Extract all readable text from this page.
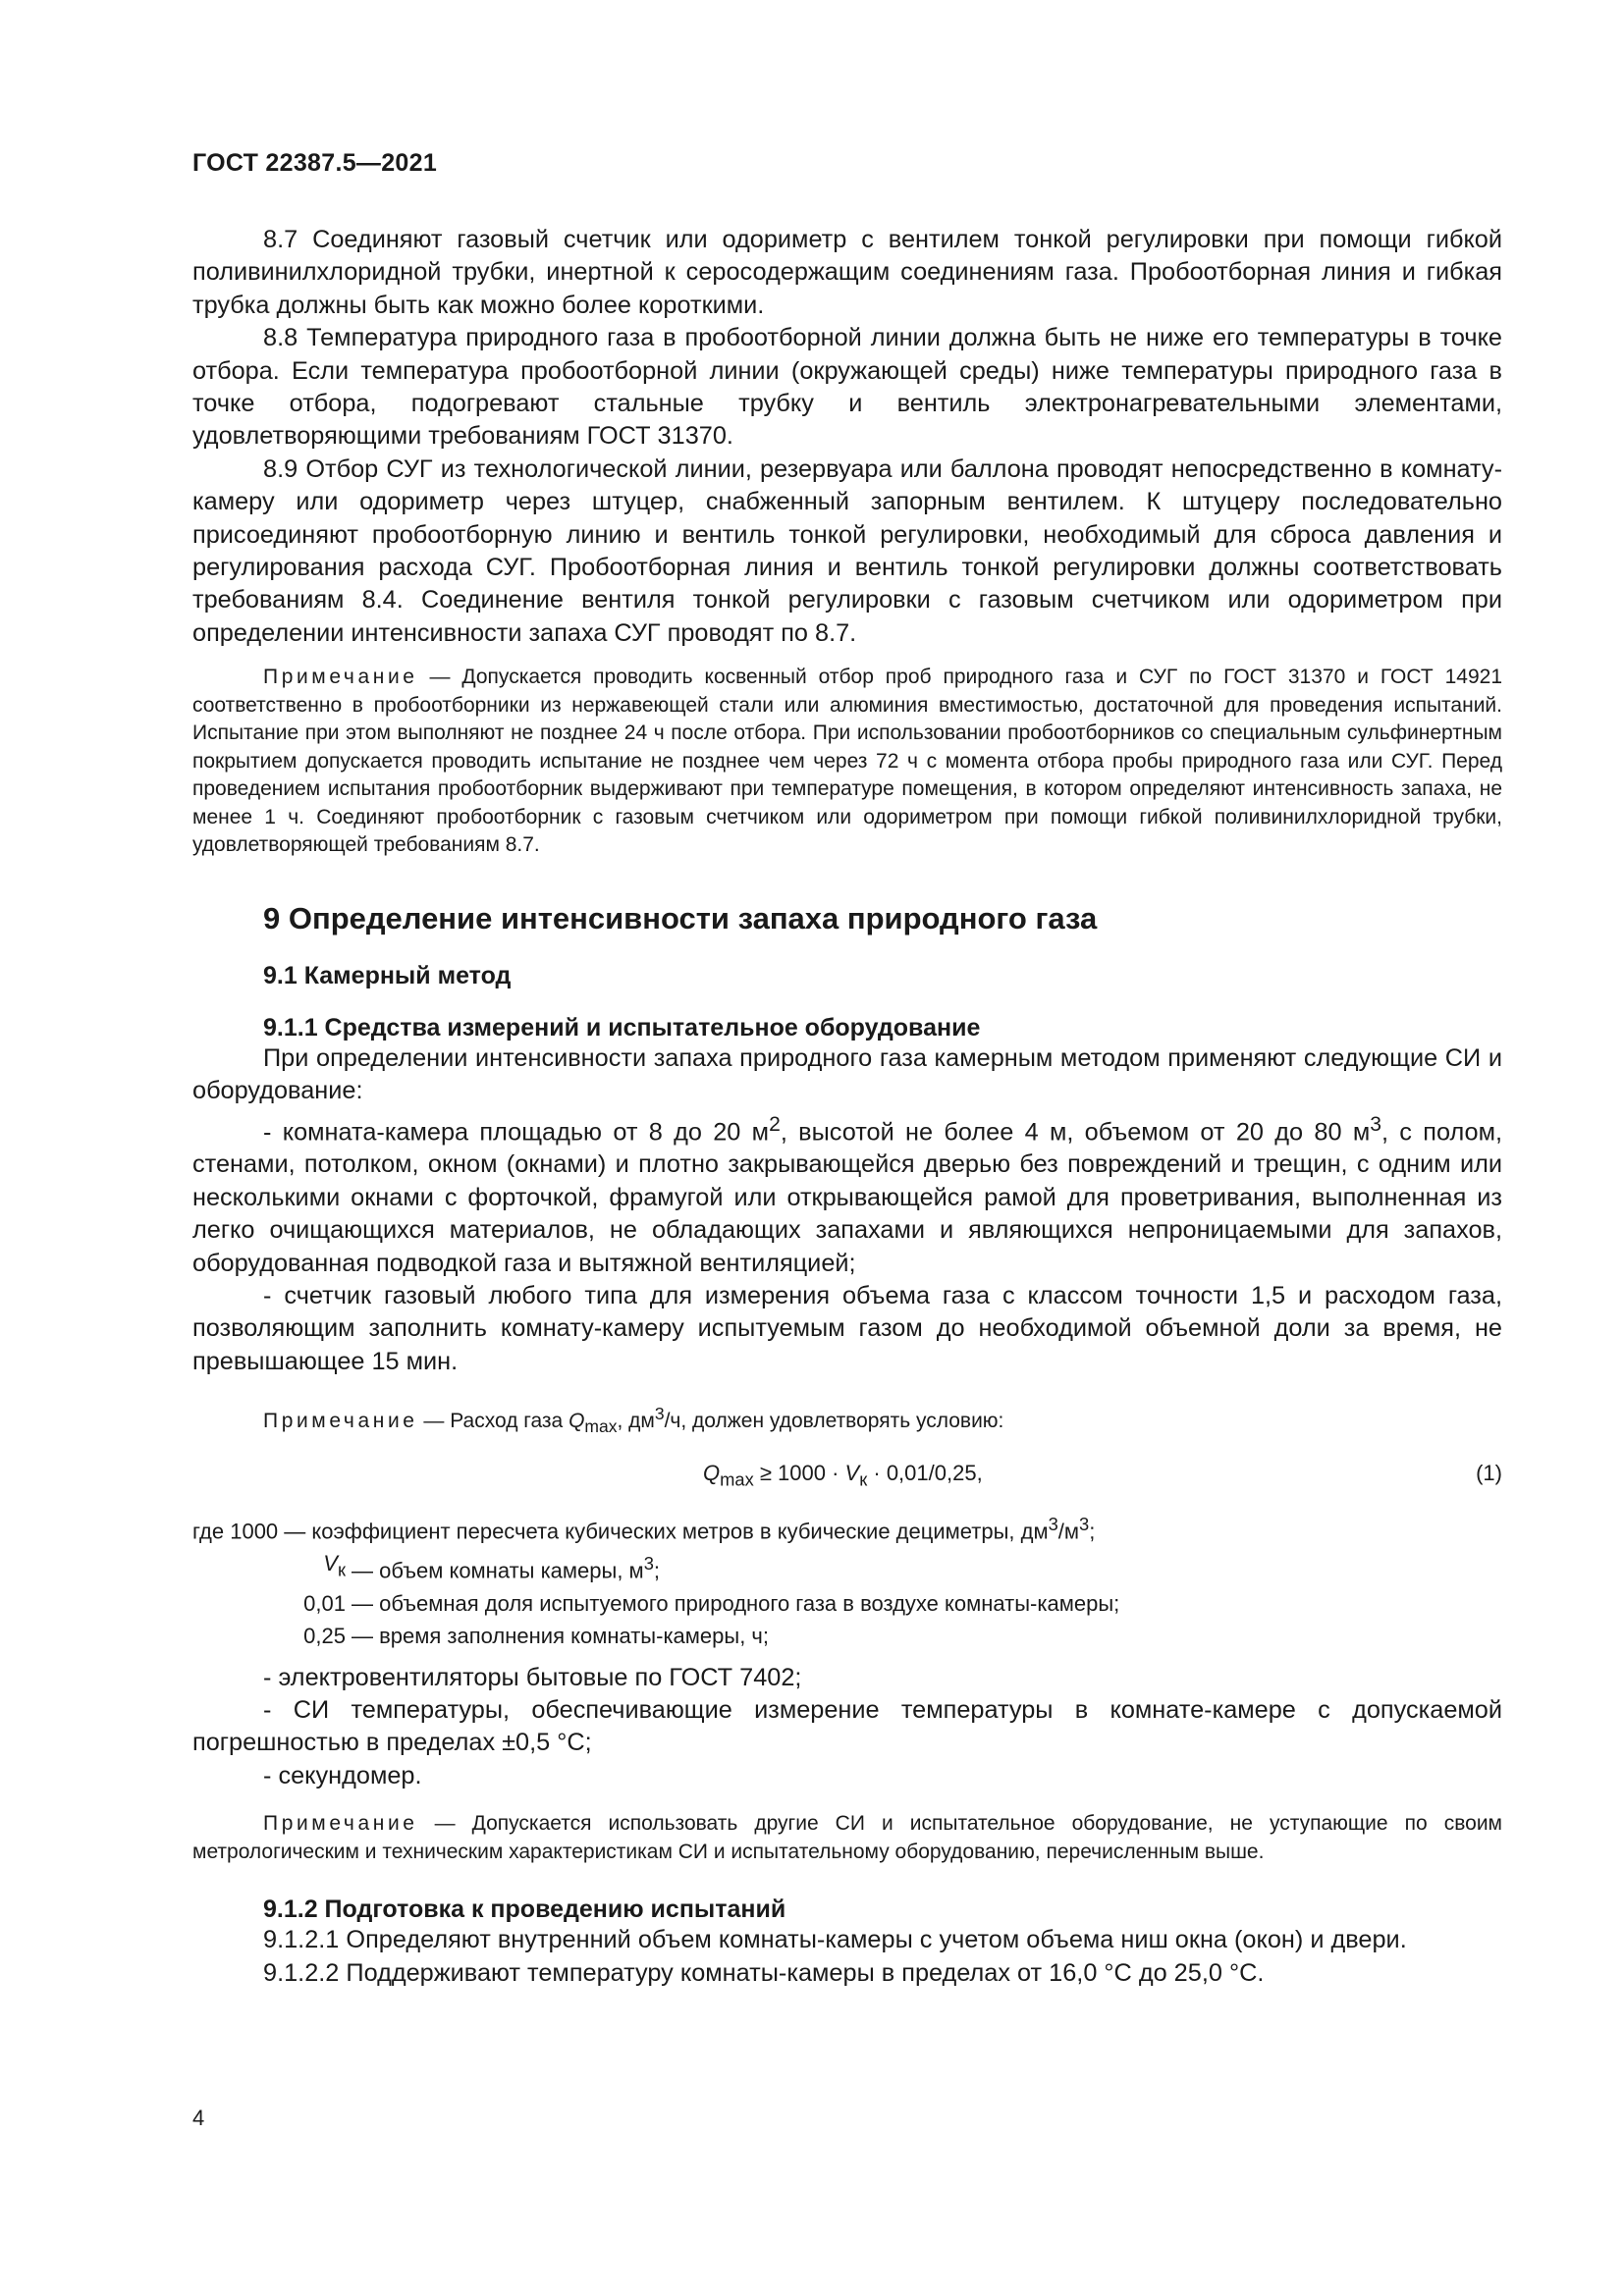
ГОСТ 22387.5—2021

8.7 Соединяют газовый счетчик или одориметр с вентилем тонкой регулировки при помощи гибкой поливинилхлоридной трубки, инертной к серосодержащим соединениям газа. Пробоотборная линия и гибкая трубка должны быть как можно более короткими.

8.8 Температура природного газа в пробоотборной линии должна быть не ниже его температуры в точке отбора. Если температура пробоотборной линии (окружающей среды) ниже температуры природного газа в точке отбора, подогревают стальные трубку и вентиль электронагревательными элементами, удовлетворяющими требованиям ГОСТ 31370.

8.9 Отбор СУГ из технологической линии, резервуара или баллона проводят непосредственно в комнату-камеру или одориметр через штуцер, снабженный запорным вентилем. К штуцеру последовательно присоединяют пробоотборную линию и вентиль тонкой регулировки, необходимый для сброса давления и регулирования расхода СУГ. Пробоотборная линия и вентиль тонкой регулировки должны соответствовать требованиям 8.4. Соединение вентиля тонкой регулировки с газовым счетчиком или одориметром при определении интенсивности запаха СУГ проводят по 8.7.

Примечание — Допускается проводить косвенный отбор проб природного газа и СУГ по ГОСТ 31370 и ГОСТ 14921 соответственно в пробоотборники из нержавеющей стали или алюминия вместимостью, достаточной для проведения испытаний. Испытание при этом выполняют не позднее 24 ч после отбора. При использовании пробоотборников со специальным сульфинертным покрытием допускается проводить испытание не позднее чем через 72 ч с момента отбора пробы природного газа или СУГ. Перед проведением испытания пробоотборник выдерживают при температуре помещения, в котором определяют интенсивность запаха, не менее 1 ч. Соединяют пробоотборник с газовым счетчиком или одориметром при помощи гибкой поливинилхлоридной трубки, удовлетворяющей требованиям 8.7.

9 Определение интенсивности запаха природного газа
9.1 Камерный метод
9.1.1 Средства измерений и испытательное оборудование

При определении интенсивности запаха природного газа камерным методом применяют следующие СИ и оборудование:

- комната-камера площадью от 8 до 20 $м^2$, высотой не более 4 м, объемом от 20 до 80 $м^3$, с полом, стенами, потолком, окном (окнами) и плотно закрывающейся дверью без повреждений и трещин, с одним или несколькими окнами с форточкой, фрамугой или открывающейся рамой для проветривания, выполненная из легко очищающихся материалов, не обладающих запахами и являющихся непроницаемыми для запахов, оборудованная подводкой газа и вытяжной вентиляцией;

- счетчик газовый любого типа для измерения объема газа с классом точности 1,5 и расходом газа, позволяющим заполнить комнату-камеру испытуемым газом до необходимой объемной доли за время, не превышающее 15 мин.

Примечание — Расход газа $Q_{max}$, $дм^3/ч$, должен удовлетворять условию:

$Q_{max} \ge 1000 \cdot V_к \cdot 0,01/0,25$,	(1)
где 1000 — коэффициент пересчета кубических метров в кубические дециметры, $дм^3/м^3$;
$V_к$ — объем комнаты камеры, $м^3$;
0,01 — объемная доля испытуемого природного газа в воздухе комнаты-камеры;
0,25 — время заполнения комнаты-камеры, ч;

- электровентиляторы бытовые по ГОСТ 7402;

- СИ температуры, обеспечивающие измерение температуры в комнате-камере с допускаемой погрешностью в пределах ±0,5 °С;

- секундомер.

Примечание — Допускается использовать другие СИ и испытательное оборудование, не уступающие по своим метрологическим и техническим характеристикам СИ и испытательному оборудованию, перечисленным выше.

9.1.2 Подготовка к проведению испытаний

9.1.2.1 Определяют внутренний объем комнаты-камеры с учетом объема ниш окна (окон) и двери.

9.1.2.2 Поддерживают температуру комнаты-камеры в пределах от 16,0 °С до 25,0 °С.

4
